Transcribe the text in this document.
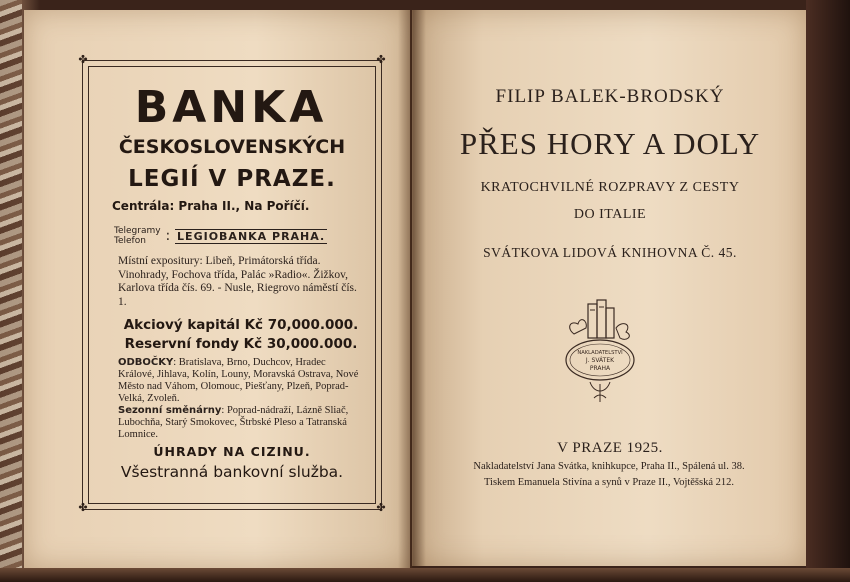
✤	✤
✤	✤
BANKA
ČESKOSLOVENSKÝCH
LEGIÍ V PRAZE.
Centrála: Praha II., Na Poříčí.
Telegramy
Telefon : LEGIOBANKA PRAHA.
Místní expositury: Libeň, Primátorská třída. Vinohrady, Fochova třída, Palác »Radio«. Žižkov, Karlova třída čís. 69. - Nusle, Riegrovo náměstí čís. 1.
Akciový kapitál Kč 70,000.000.
Reservní fondy Kč 30,000.000.
ODBOČKY: Bratislava, Brno, Duchcov, Hradec Králové, Jihlava, Kolín, Louny, Moravská Ostrava, Nové Město nad Váhom, Olomouc, Piešťany, Plzeň, Poprad-Velká, Zvoleň.
Sezonní směnárny: Poprad-nádraží, Lázně Sliač, Lubochňa, Starý Smokovec, Štrbské Pleso a Tatranská Lomnice.
ÚHRADY NA CIZINU.
Všestranná bankovní služba.
FILIP BALEK-BRODSKÝ
PŘES HORY A DOLY
KRATOCHVILNÉ ROZPRAVY Z CESTY
DO ITALIE
SVÁTKOVA LIDOVÁ KNIHOVNA Č. 45.
NAKLADATELSTVÍ
J. SVÁTEK
PRAHA
V PRAZE 1925.
Nakladatelství Jana Svátka, knihkupce, Praha II., Spálená ul. 38.
Tiskem Emanuela Stivína a synů v Praze II., Vojtěšská 212.
